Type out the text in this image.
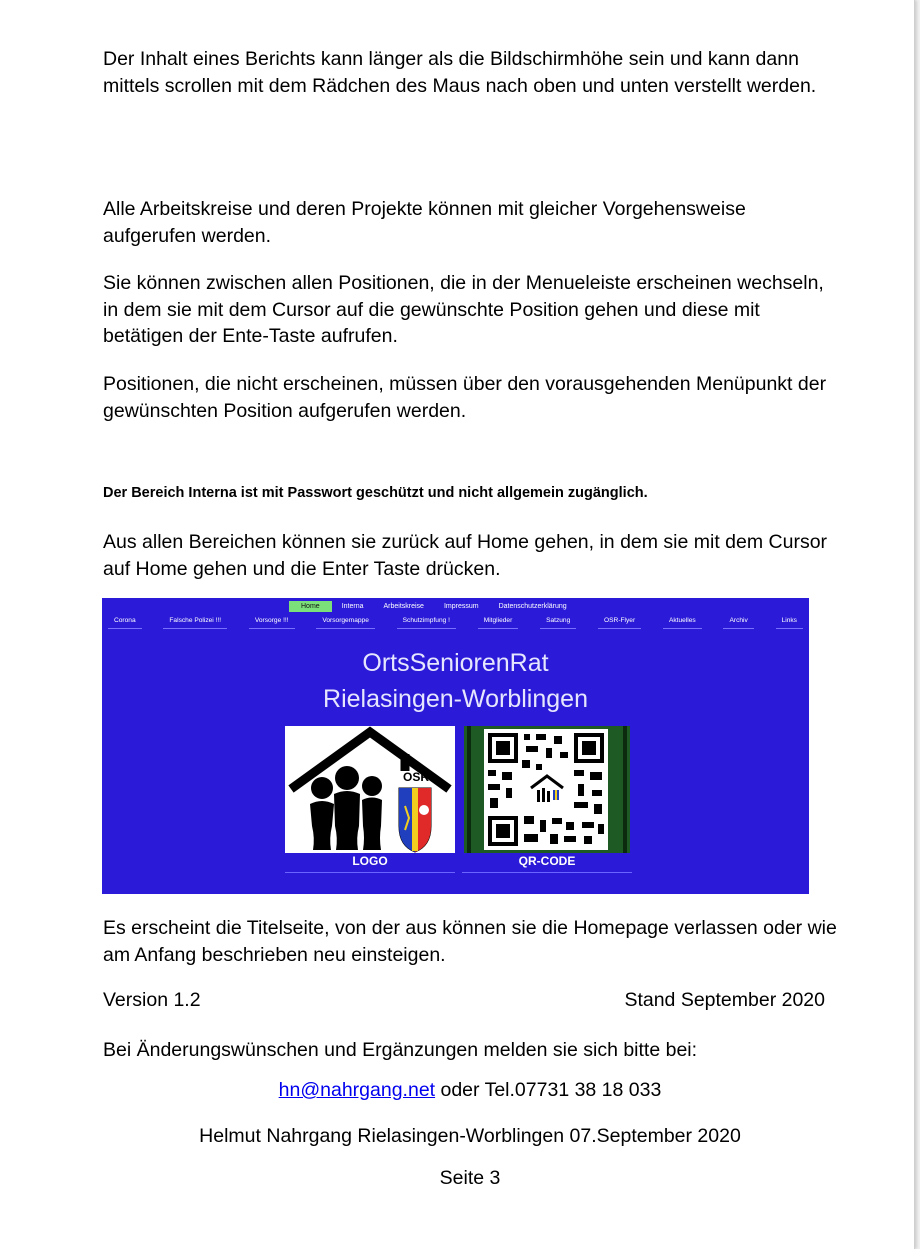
Der Inhalt eines Berichts kann länger als die Bildschirmhöhe sein und kann dann mittels scrollen mit dem Rädchen des Maus nach oben und unten verstellt werden.

Alle Arbeitskreise und deren Projekte können mit gleicher Vorgehensweise aufgerufen werden.

Sie können zwischen allen Positionen, die in der Menueleiste erscheinen wechseln, in dem sie mit dem Cursor auf die gewünschte Position gehen und diese mit betätigen der Ente-Taste aufrufen.

Positionen, die nicht erscheinen, müssen über den vorausgehenden Menüpunkt der gewünschten Position aufgerufen werden.

Der Bereich Interna ist mit Passwort geschützt und nicht allgemein zugänglich.

Aus allen Bereichen können sie zurück auf Home gehen, in dem sie mit dem Cursor auf Home gehen und die Enter Taste drücken.

Home	Interna	Arbeitskreise	Impressum	Datenschutzerklärung
Corona	Falsche Polizei !!!	Vorsorge !!!	Vorsorgemappe	Schutzimpfung !	Mitglieder	Satzung	OSR-Flyer	Aktuelles	Archiv	Links
OrtsSeniorenRat
Rielasingen-Worblingen
OSR
LOGO	QR-CODE

Es erscheint die Titelseite, von der aus können sie die Homepage verlassen oder wie am Anfang beschrieben neu einsteigen.

Version 1.2	Stand September 2020

Bei Änderungswünschen und Ergänzungen melden sie sich bitte bei:

hn@nahrgang.net oder Tel.07731 38 18 033
Helmut Nahrgang Rielasingen-Worblingen 07.September 2020
Seite 3
